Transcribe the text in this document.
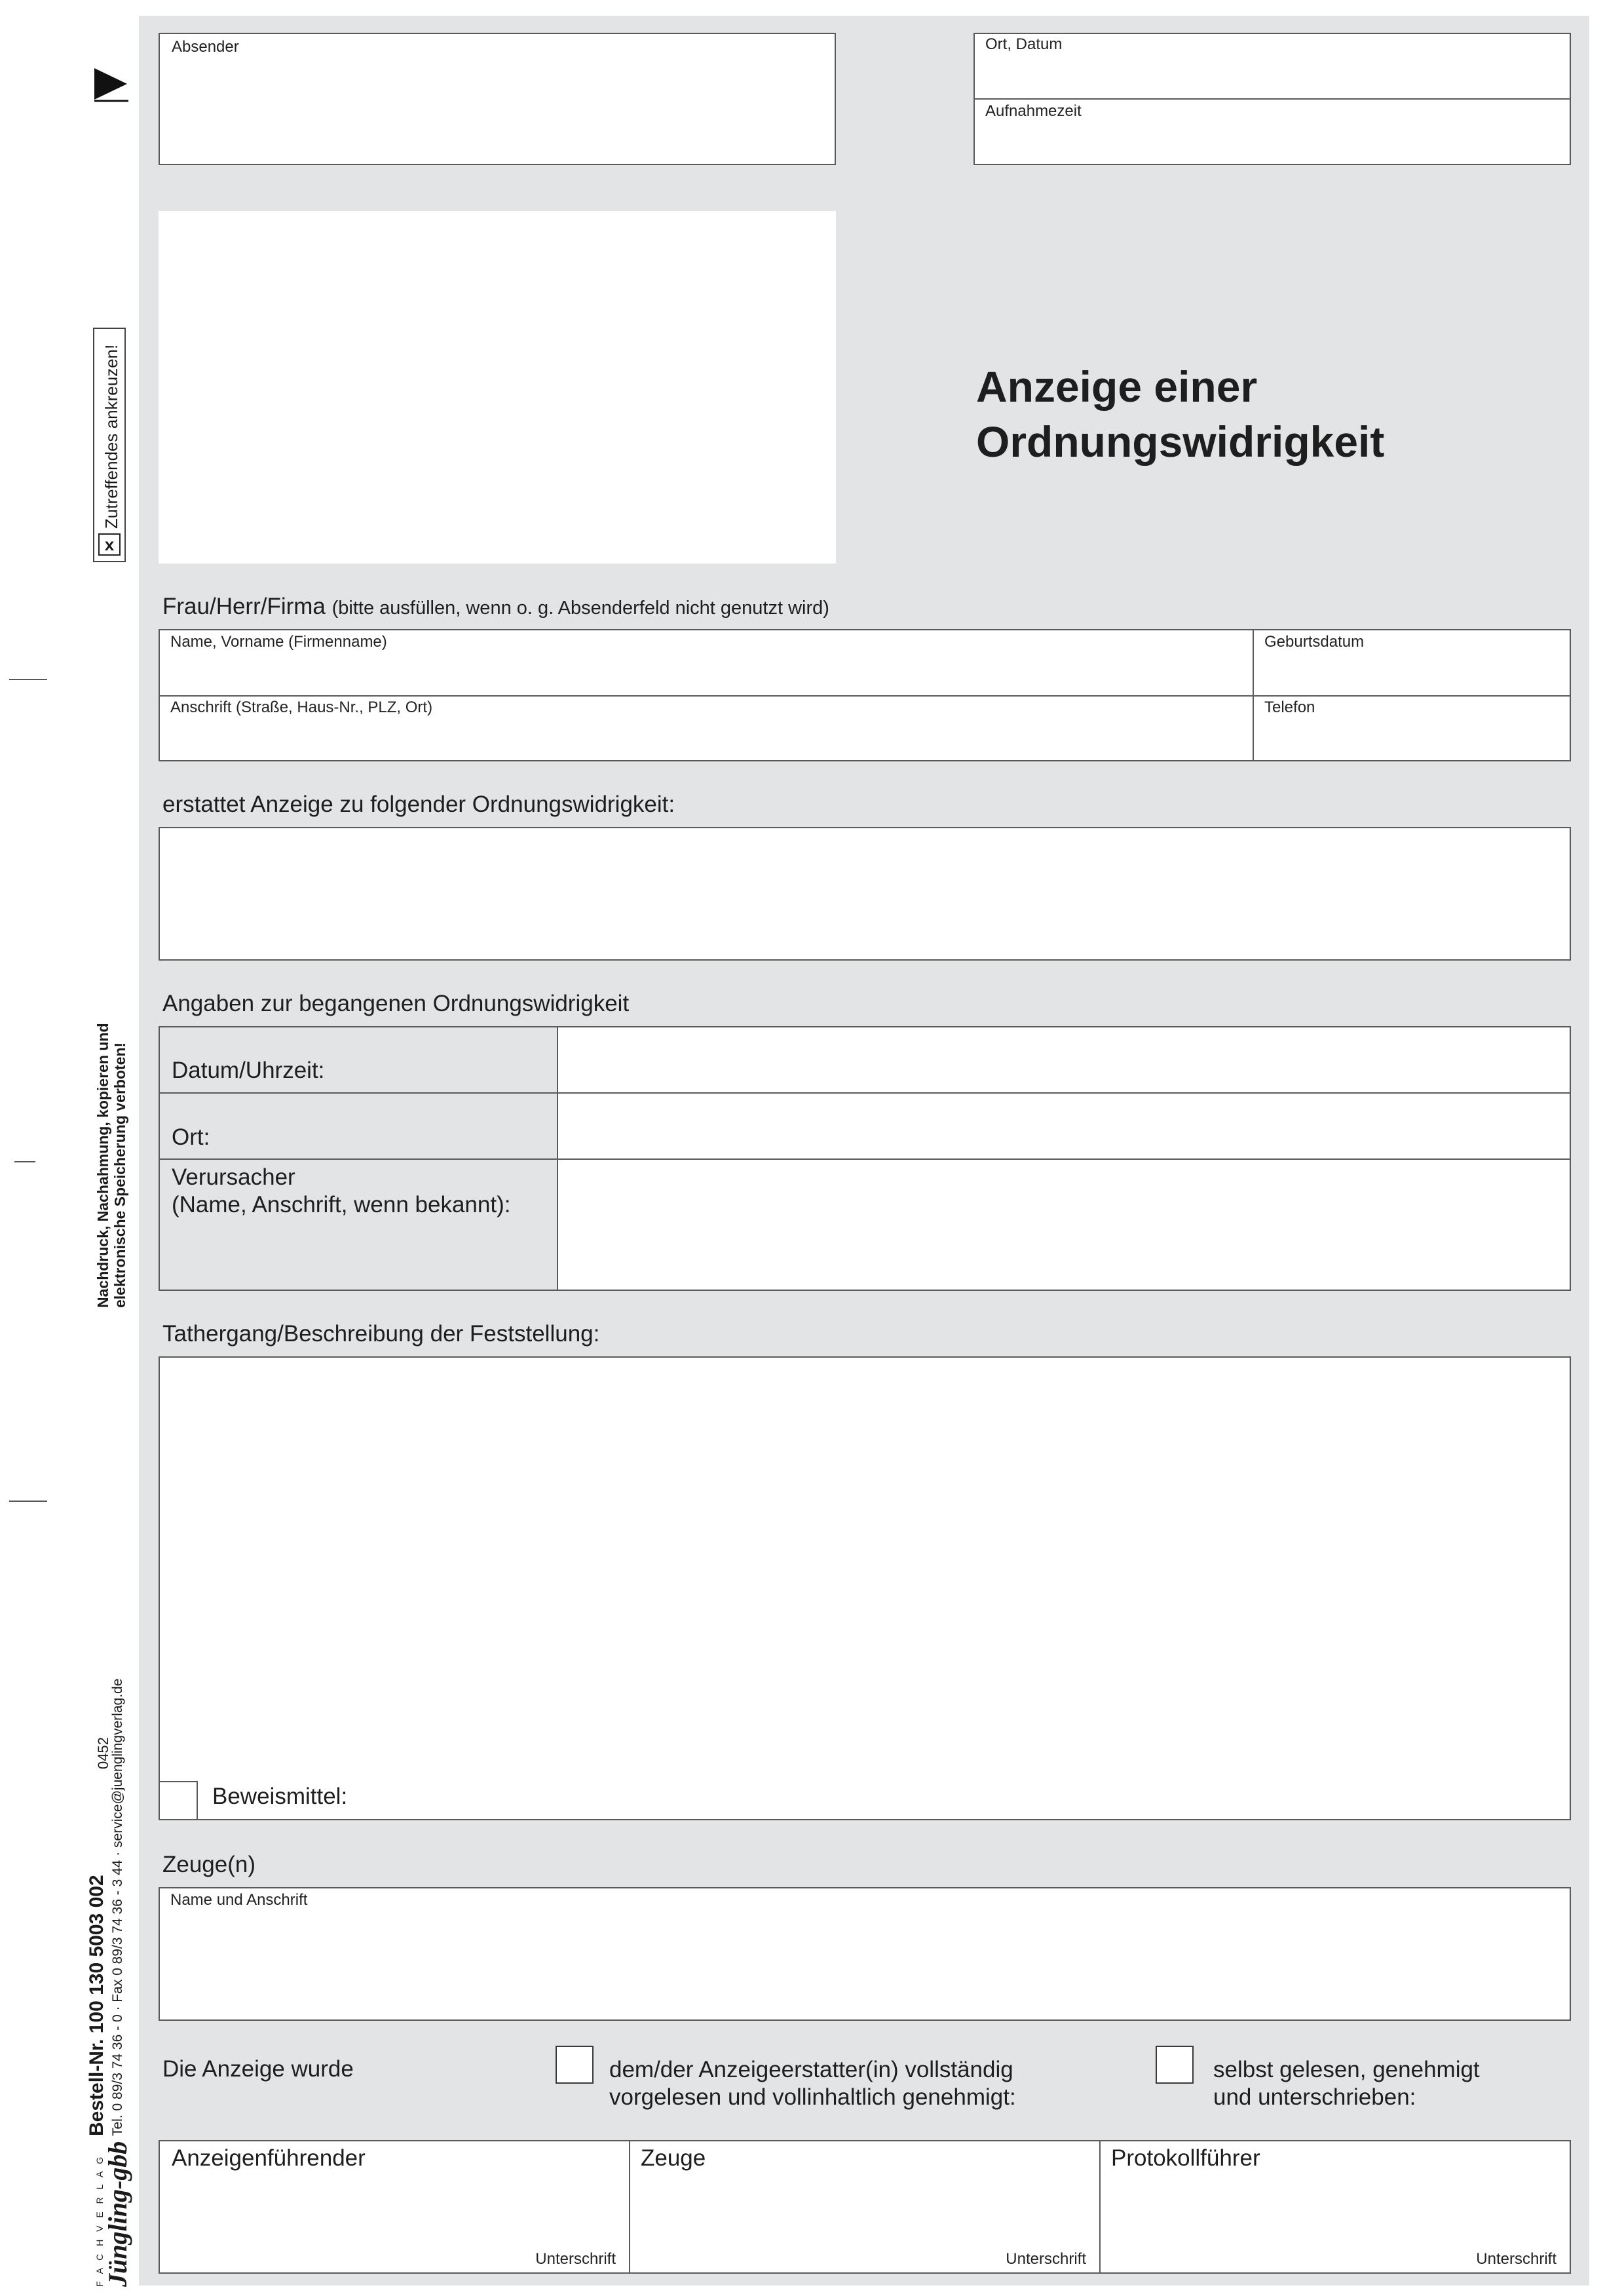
x
Zutreffendes ankreuzen!
Nachdruck, Nachahmung, kopieren und elektronische Speicherung verboten!
0452
Bestell-Nr. 100 130 5003 002 Tel. 0 89/3 74 36 - 0 · Fax 0 89/3 74 36 - 3 44 · service@juenglingverlag.de
F A C H V E R L A G
Jüngling-gbb
Absender	Ort, Datum
Aufnahmezeit
Anzeige einer
Ordnungswidrigkeit
Frau/Herr/Firma (bitte ausfüllen, wenn o. g. Absenderfeld nicht genutzt wird)
Name, Vorname (Firmenname)	Geburtsdatum
Anschrift (Straße, Haus-Nr., PLZ, Ort)	Telefon
erstattet Anzeige zu folgender Ordnungswidrigkeit:
Angaben zur begangenen Ordnungswidrigkeit
Datum/Uhrzeit:
Ort:
Verursacher
(Name, Anschrift, wenn bekannt):
Tathergang/Beschreibung der Feststellung:
Beweismittel:
Zeuge(n)
Name und Anschrift
Die Anzeige wurde	dem/der Anzeigeerstatter(in) vollständig
vorgelesen und vollinhaltlich genehmigt:
selbst gelesen, genehmigt
und unterschrieben:
Anzeigenführender
Unterschrift
Zeuge
Unterschrift
Protokollführer
Unterschrift
